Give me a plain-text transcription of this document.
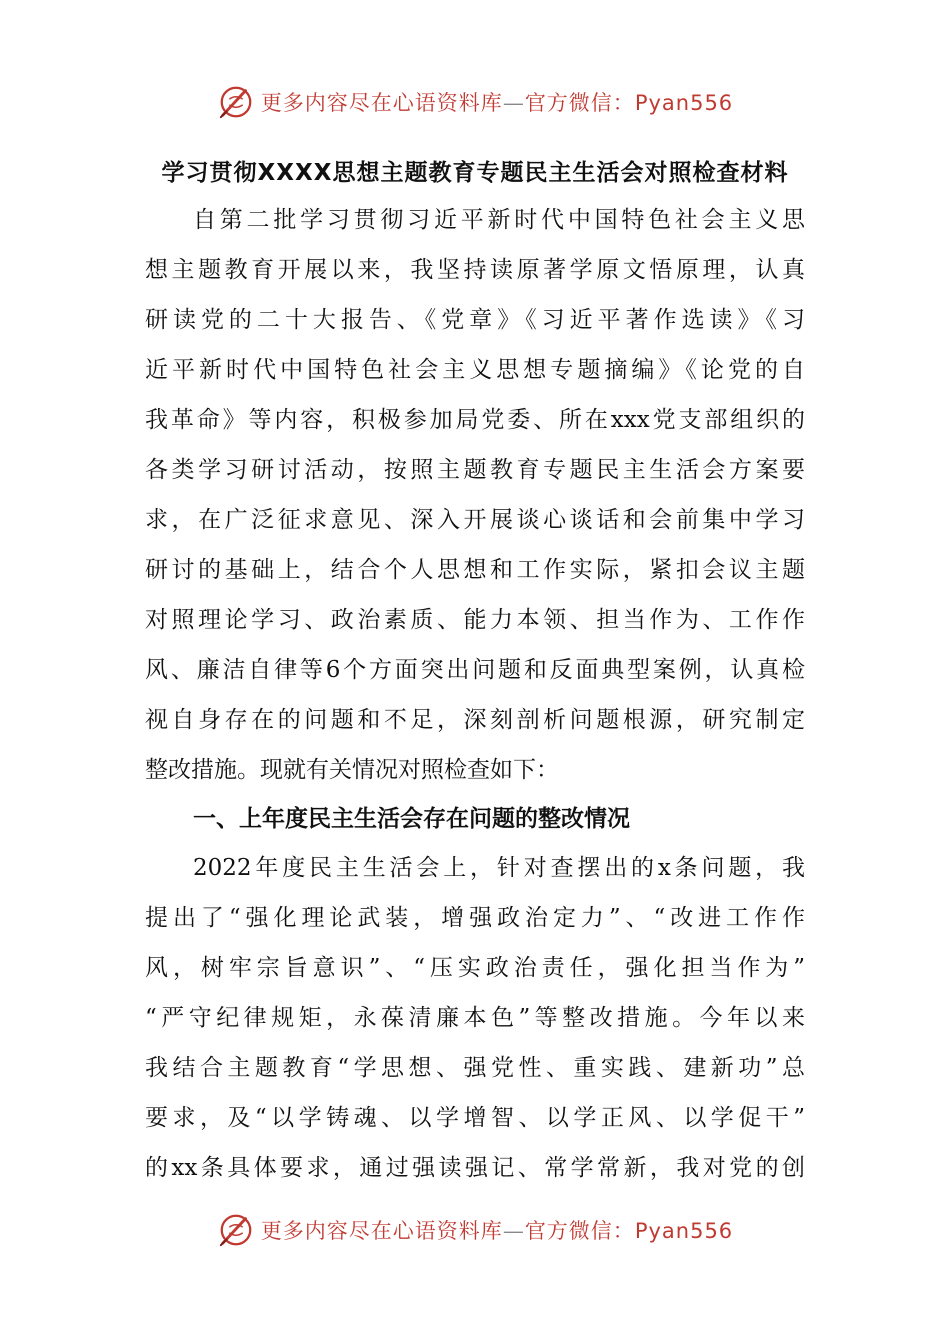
更多内容尽在心语资料库—官方微信：Pyan556
学习贯彻XXXX思想主题教育专题民主生活会对照检查材料
自第二批学习贯彻习近平新时代中国特色社会主义思
想主题教育开展以来，我坚持读原著学原文悟原理，认真
研读党的二十大报告、《党章》《习近平著作选读》《习
近平新时代中国特色社会主义思想专题摘编》《论党的自
我革命》等内容，积极参加局党委、所在xxx党支部组织的
各类学习研讨活动，按照主题教育专题民主生活会方案要
求，在广泛征求意见、深入开展谈心谈话和会前集中学习
研讨的基础上，结合个人思想和工作实际，紧扣会议主题
对照理论学习、政治素质、能力本领、担当作为、工作作
风、廉洁自律等6个方面突出问题和反面典型案例，认真检
视自身存在的问题和不足，深刻剖析问题根源，研究制定
整改措施。现就有关情况对照检查如下：
一、上年度民主生活会存在问题的整改情况
2022年度民主生活会上，针对查摆出的x条问题，我
提出了“强化理论武装，增强政治定力”、“改进工作作
风，树牢宗旨意识”、“压实政治责任，强化担当作为”
“严守纪律规矩，永葆清廉本色”等整改措施。今年以来
我结合主题教育“学思想、强党性、重实践、建新功”总
要求，及“以学铸魂、以学增智、以学正风、以学促干”
的xx条具体要求，通过强读强记、常学常新，我对党的创
更多内容尽在心语资料库—官方微信：Pyan556
